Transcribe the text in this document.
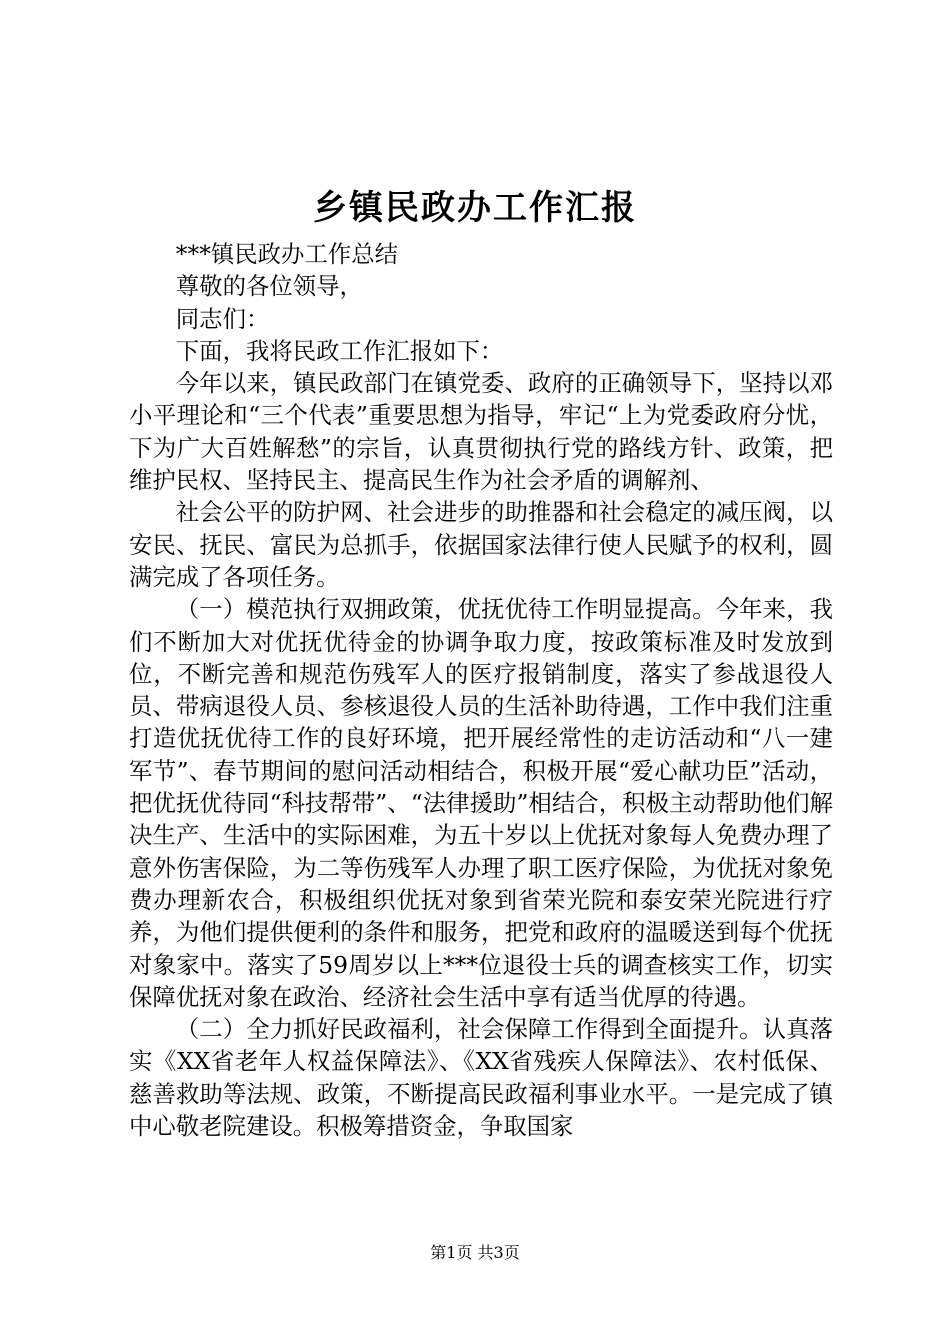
乡镇民政办工作汇报

***镇民政办工作总结

尊敬的各位领导，

同志们：

下面，我将民政工作汇报如下：

今年以来，镇民政部门在镇党委、政府的正确领导下，坚持以邓小平理论和“三个代表”重要思想为指导，牢记“上为党委政府分忧，下为广大百姓解愁”的宗旨，认真贯彻执行党的路线方针、政策，把维护民权、坚持民主、提高民生作为社会矛盾的调解剂、

社会公平的防护网、社会进步的助推器和社会稳定的减压阀，以安民、抚民、富民为总抓手，依据国家法律行使人民赋予的权利，圆满完成了各项任务。

（一）模范执行双拥政策，优抚优待工作明显提高。今年来，我们不断加大对优抚优待金的协调争取力度，按政策标准及时发放到位，不断完善和规范伤残军人的医疗报销制度，落实了参战退役人员、带病退役人员、参核退役人员的生活补助待遇，工作中我们注重打造优抚优待工作的良好环境，把开展经常性的走访活动和“八一建军节”、春节期间的慰问活动相结合，积极开展“爱心献功臣”活动，把优抚优待同“科技帮带”、“法律援助”相结合，积极主动帮助他们解决生产、生活中的实际困难，为五十岁以上优抚对象每人免费办理了意外伤害保险，为二等伤残军人办理了职工医疗保险，为优抚对象免费办理新农合，积极组织优抚对象到省荣光院和泰安荣光院进行疗养，为他们提供便利的条件和服务，把党和政府的温暖送到每个优抚对象家中。落实了59周岁以上***位退役士兵的调查核实工作，切实保障优抚对象在政治、经济社会生活中享有适当优厚的待遇。

（二）全力抓好民政福利，社会保障工作得到全面提升。认真落实《XX省老年人权益保障法》、《XX省残疾人保障法》、农村低保、慈善救助等法规、政策，不断提高民政福利事业水平。一是完成了镇中心敬老院建设。积极筹措资金，争取国家

第1页 共3页
